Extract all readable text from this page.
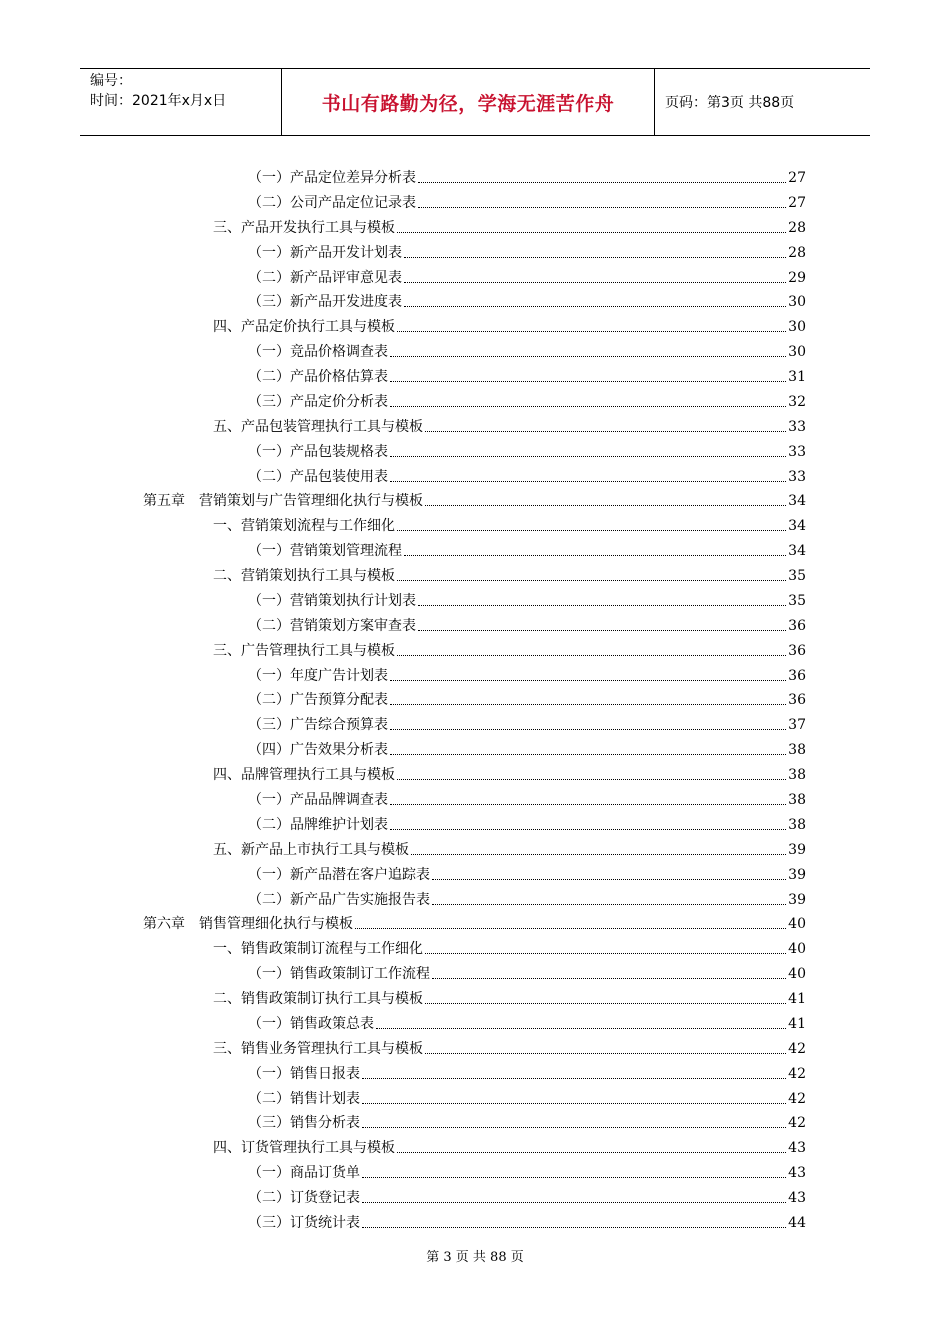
编号：
时间：2021年x月x日	书山有路勤为径，学海无涯苦作舟	页码：第3页 共88页
（一）产品定位差异分析表	27
（二）公司产品定位记录表	27
三、产品开发执行工具与模板	28
（一）新产品开发计划表	28
（二）新产品评审意见表	29
（三）新产品开发进度表	30
四、产品定价执行工具与模板	30
（一）竞品价格调查表	30
（二）产品价格估算表	31
（三）产品定价分析表	32
五、产品包装管理执行工具与模板	33
（一）产品包装规格表	33
（二）产品包装使用表	33
第五章　营销策划与广告管理细化执行与模板	34
一、营销策划流程与工作细化	34
（一）营销策划管理流程	34
二、营销策划执行工具与模板	35
（一）营销策划执行计划表	35
（二）营销策划方案审查表	36
三、广告管理执行工具与模板	36
（一）年度广告计划表	36
（二）广告预算分配表	36
（三）广告综合预算表	37
（四）广告效果分析表	38
四、品牌管理执行工具与模板	38
（一）产品品牌调查表	38
（二）品牌维护计划表	38
五、新产品上市执行工具与模板	39
（一）新产品潜在客户追踪表	39
（二）新产品广告实施报告表	39
第六章　销售管理细化执行与模板	40
一、销售政策制订流程与工作细化	40
（一）销售政策制订工作流程	40
二、销售政策制订执行工具与模板	41
（一）销售政策总表	41
三、销售业务管理执行工具与模板	42
（一）销售日报表	42
（二）销售计划表	42
（三）销售分析表	42
四、订货管理执行工具与模板	43
（一）商品订货单	43
（二）订货登记表	43
（三）订货统计表	44
第 3 页 共 88 页
